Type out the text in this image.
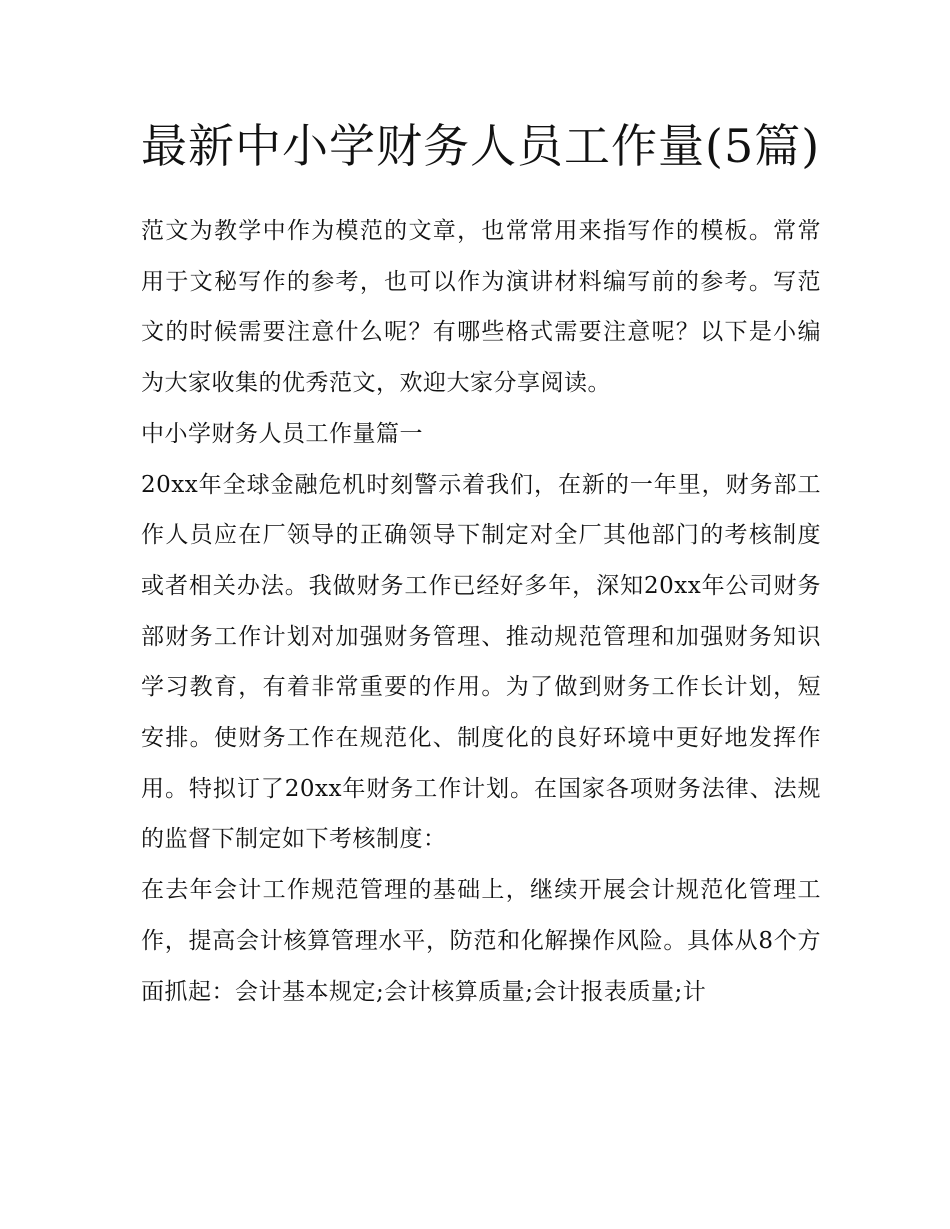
最新中小学财务人员工作量(5篇)

范文为教学中作为模范的文章，也常常用来指写作的模板。常常用于文秘写作的参考，也可以作为演讲材料编写前的参考。写范文的时候需要注意什么呢？有哪些格式需要注意呢？以下是小编为大家收集的优秀范文，欢迎大家分享阅读。

中小学财务人员工作量篇一

20xx年全球金融危机时刻警示着我们，在新的一年里，财务部工作人员应在厂领导的正确领导下制定对全厂其他部门的考核制度或者相关办法。我做财务工作已经好多年，深知20xx年公司财务部财务工作计划对加强财务管理、推动规范管理和加强财务知识学习教育，有着非常重要的作用。为了做到财务工作长计划，短安排。使财务工作在规范化、制度化的良好环境中更好地发挥作用。特拟订了20xx年财务工作计划。在国家各项财务法律、法规的监督下制定如下考核制度：

在去年会计工作规范管理的基础上，继续开展会计规范化管理工作，提高会计核算管理水平，防范和化解操作风险。具体从8个方面抓起：会计基本规定;会计核算质量;会计报表质量;计
